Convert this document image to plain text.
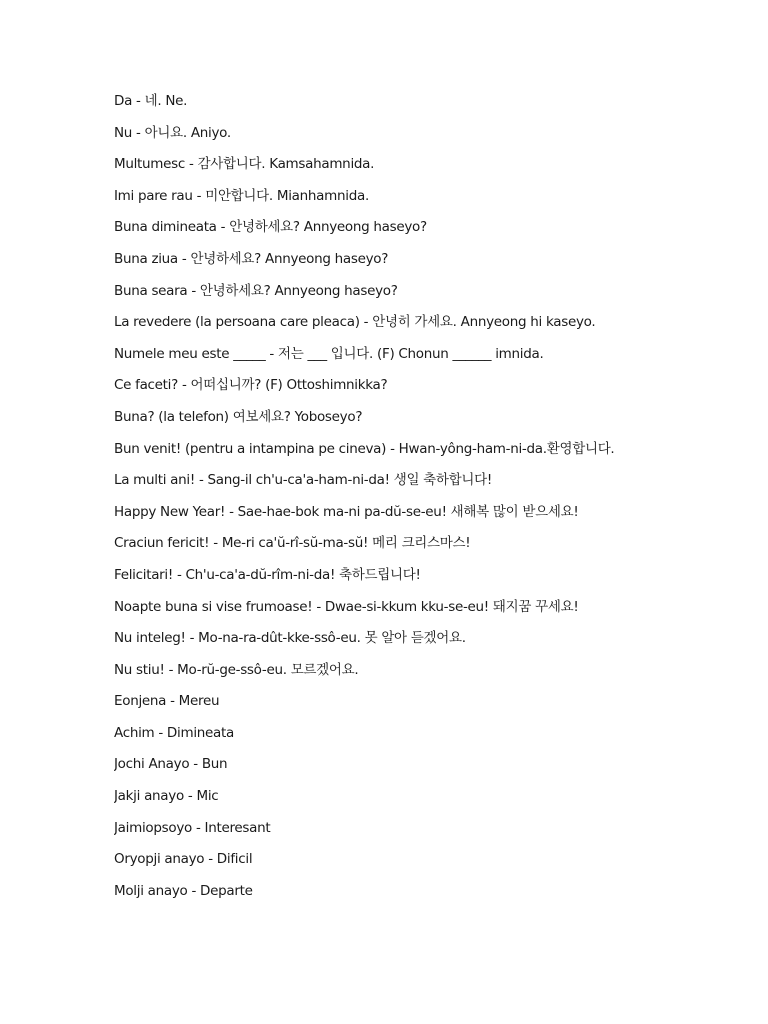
Da - 네. Ne.
Nu - 아니요. Aniyo.
Multumesc - 감사합니다. Kamsahamnida.
Imi pare rau - 미안합니다. Mianhamnida.
Buna dimineata - 안녕하세요? Annyeong haseyo?
Buna ziua - 안녕하세요? Annyeong haseyo?
Buna seara - 안녕하세요? Annyeong haseyo?
La revedere (la persoana care pleaca) - 안녕히 가세요. Annyeong hi kaseyo.
Numele meu este _____ - 저는 ___ 입니다. (F) Chonun ______ imnida.
Ce faceti? - 어떠십니까? (F) Ottoshimnikka?
Buna? (la telefon) 여보세요? Yoboseyo?
Bun venit! (pentru a intampina pe cineva) - Hwan-yông-ham-ni-da.환영합니다.
La multi ani! - Sang-il ch'u-ca'a-ham-ni-da! 생일 축하합니다!
Happy New Year! - Sae-hae-bok ma-ni pa-dŭ-se-eu! 새해복 많이 받으세요!
Craciun fericit! - Me-ri ca'ŭ-rî-sŭ-ma-sŭ! 메리 크리스마스!
Felicitari! - Ch'u-ca'a-dŭ-rîm-ni-da! 축하드립니다!
Noapte buna si vise frumoase! - Dwae-si-kkum kku-se-eu! 돼지꿈 꾸세요!
Nu inteleg! - Mo-na-ra-dût-kke-ssô-eu. 못 알아 듣겠어요.
Nu stiu! - Mo-rŭ-ge-ssô-eu. 모르겠어요.
Eonjena - Mereu
Achim - Dimineata
Jochi Anayo - Bun
Jakji anayo - Mic
Jaimiopsoyo - Interesant
Oryopji anayo - Dificil
Molji anayo - Departe
